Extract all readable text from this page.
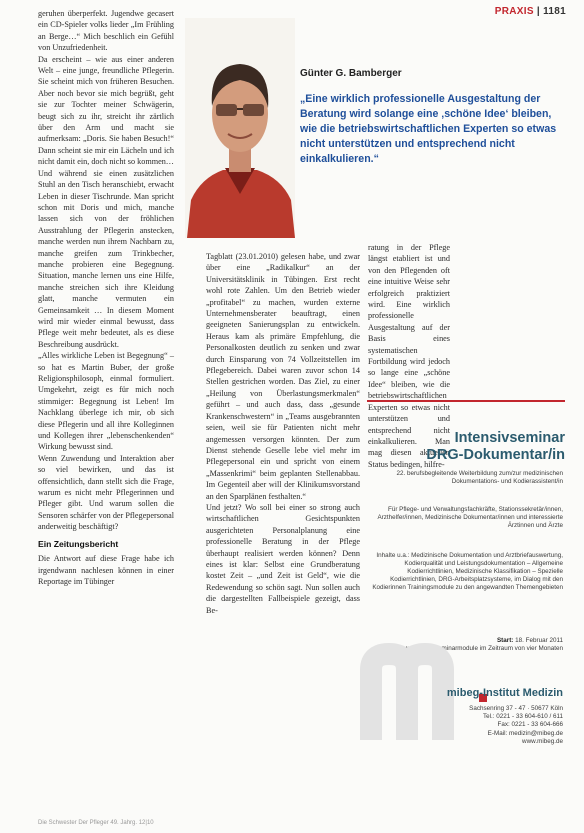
PRAXIS | 1181

geruhen überperfekt. Jugendwe gecasert ein CD-Spieler volks lieder „Im Frühling an Berge…“ Mich beschlich ein Gefühl von Unzufriedenheit.

Da erscheint – wie aus einer anderen Welt – eine junge, freundliche Pflegerin. Sie scheint mich von früheren Besuchen. Aber noch bevor sie mich begrüßt, geht sie zur Tochter meiner Schwägerin, beugt sich zu ihr, streicht ihr zärtlich über den Arm und macht sie aufmerksam: „Doris. Sie haben Besuch!“ Dann scheint sie mir ein Lächeln und ich nicht damit ein, doch nicht so kommen… Und während sie einen zusätzlichen Stuhl an den Tisch heranschiebt, erwacht Leben in dieser Tischrunde. Man spricht schon mit Doris und mich, manche lassen sich von der fröhlichen Ausstrahlung der Pflegerin anstecken, manche werden nun ihrem Nachbarn zu, manche greifen zum Trinkbecher, manche probieren eine Begegnung. Situation, manche lernen uns eine Hilfe, manche streichen sich ihre Kleidung glatt, manche vermuten ein Gemeinsamkeit … In diesem Moment wird mir wieder einmal bewusst, dass Pflege weit mehr bedeutet, als es diese Beschreibung ausdrückt.

„Alles wirkliche Leben ist Begegnung“ – so hat es Martin Buber, der große Religionsphilosoph, einmal formuliert. Umgekehrt, zeigt es für mich noch stimmiger: Begegnung ist Leben! Im Nachklang überlege ich mir, ob sich diese Pflegerin und all ihre Kolleginnen und Kollegen ihrer „lebenschenkenden“ Wirkung bewusst sind.

Wenn Zuwendung und Interaktion aber so viel bewirken, und das ist offensichtlich, dann stellt sich die Frage, warum es nicht mehr Pflegerinnen und Pfleger gibt. Und warum sollen die Sensoren schärfer von der Pflegepersonal anderweitig beschäftigt?

Ein Zeitungsbericht

Die Antwort auf diese Frage habe ich irgendwann nachlesen können in einer Reportage im Tübinger

Günter G. Bamberger

„Eine wirklich professionelle Ausgestaltung der Beratung wird solange eine ‚schöne Idee‘ bleiben, wie die betriebswirtschaftlichen Experten so etwas nicht unterstützen und entsprechend nicht einkalkulieren.“

Tagblatt (23.01.2010) gelesen habe, und zwar über eine „Radikalkur“ an der Universitätsklinik in Tübingen. Erst recht wohl rote Zahlen. Um den Betrieb wieder „profitabel“ zu machen, wurden externe Unternehmensberater beauftragt, einen geeigneten Sanierungsplan zu entwickeln. Heraus kam als primäre Empfehlung, die Personalkosten deutlich zu senken und zwar durch Einsparung von 74 Vollzeitstellen im Pflegebereich. Dabei waren zuvor schon 14 Stellen gestrichen worden. Das Ziel, zu einer „Heilung von Überlastungsmerkmalen“ geführt – und auch dass, dass „gesunde Krankenschwestern“ in „Teams ausgebrannten seien, weil sie für Patienten nicht mehr angemessen versorgen könnten. Der zum Dienst stehende Geselle lebe viel mehr im Pflegepersonal ein und spricht von einem „Massenkrimi“ beim geplanten Stellenabbau. Im Gegenteil aber will der Klinikumsvorstand an den Sparplänen festhalten.“

Und jetzt? Wo soll bei einer so strong auch wirtschaftlichen Gesichtspunkten ausgerichteten Personalplanung eine professionelle Beratung in der Pflege überhaupt realisiert werden können? Denn eines ist klar: Selbst eine Grundberatung kostet Zeit – „und Zeit ist Geld“, wie die Redewendung so schön sagt. Nun sollen auch die dargestellten Fallbeispiele gezeigt, dass Be-

ratung in der Pflege längst etabliert ist und von den Pflegenden oft eine intuitive Weise sehr erfolgreich praktiziert wird. Eine wirklich professionelle Ausgestaltung auf der Basis eines systematischen Fortbildung wird jedoch so lange eine „schöne Idee“ bleiben, wie die betriebswirtschaftlichen Experten so etwas nicht unterstützen und entsprechend nicht einkalkulieren. Man mag diesen aktuellen Status bedingen, hilfre-

Intensivseminar
DRG-Dokumentar/in

22. berufsbegleitende Weiterbildung zum/zur medizinischen Dokumentations- und Kodierassistent/in

Für Pflege- und Verwaltungsfachkräfte, Stationssekretär/innen, Arzthelfer/innen, Medizinische Dokumentar/innen und interessierte Ärztinnen und Ärzte

Inhalte u.a.: Medizinische Dokumentation und Arztbriefauswertung, Kodierqualität und Leistungsdokumentation – Allgemeine Kodierrichtlinien, Medizinische Klassifikation – Spezielle Kodierrichtlinien, DRG-Arbeitsplatzsysteme, im Dialog mit den Kodierinnen Trainingsmodule zu den angewandten Themengebieten

Start: 18. Februar 2011
Dauer: Fünf Seminarmodule im Zeitraum von vier Monaten
mibeg-Institut Medizin
Sachsenring 37 - 47 · 50677 Köln
Tel.: 0221 - 33 604-610 / 611
Fax: 0221 - 33 604-666
E-Mail: medizin@mibeg.de
www.mibeg.de
Die Schwester Der Pfleger 49. Jahrg. 12|10
